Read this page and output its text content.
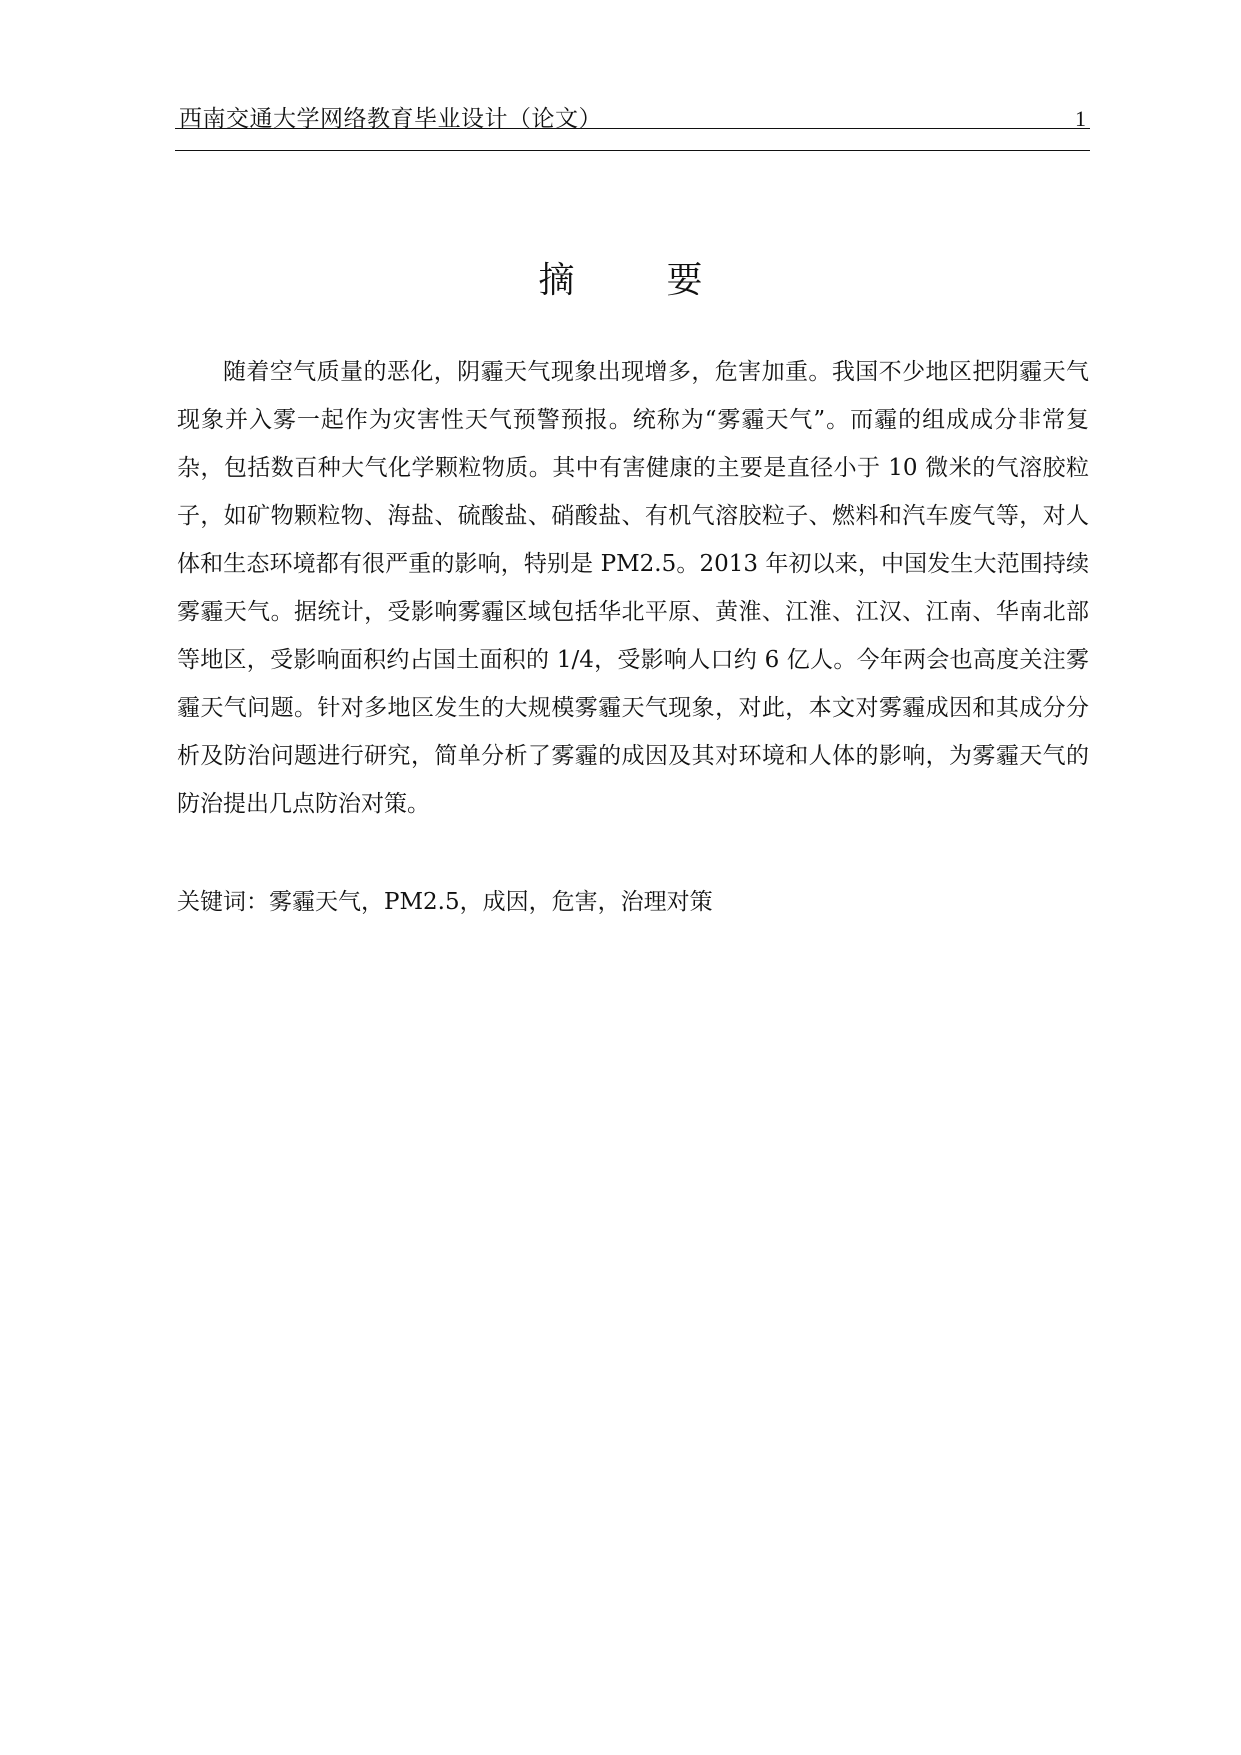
西南交通大学网络教育毕业设计（论文）	1
摘	要

随着空气质量的恶化，阴霾天气现象出现增多，危害加重。我国不少地区把阴霾天气现象并入雾一起作为灾害性天气预警预报。统称为“雾霾天气”。而霾的组成成分非常复杂，包括数百种大气化学颗粒物质。其中有害健康的主要是直径小于 10 微米的气溶胶粒子，如矿物颗粒物、海盐、硫酸盐、硝酸盐、有机气溶胶粒子、燃料和汽车废气等，对人体和生态环境都有很严重的影响，特别是 PM2.5。2013 年初以来，中国发生大范围持续雾霾天气。据统计，受影响雾霾区域包括华北平原、黄淮、江淮、江汉、江南、华南北部等地区，受影响面积约占国土面积的 1/4，受影响人口约 6 亿人。今年两会也高度关注雾霾天气问题。针对多地区发生的大规模雾霾天气现象，对此，本文对雾霾成因和其成分分析及防治问题进行研究，简单分析了雾霾的成因及其对环境和人体的影响，为雾霾天气的防治提出几点防治对策。

关键词：雾霾天气，PM2.5，成因，危害，治理对策
